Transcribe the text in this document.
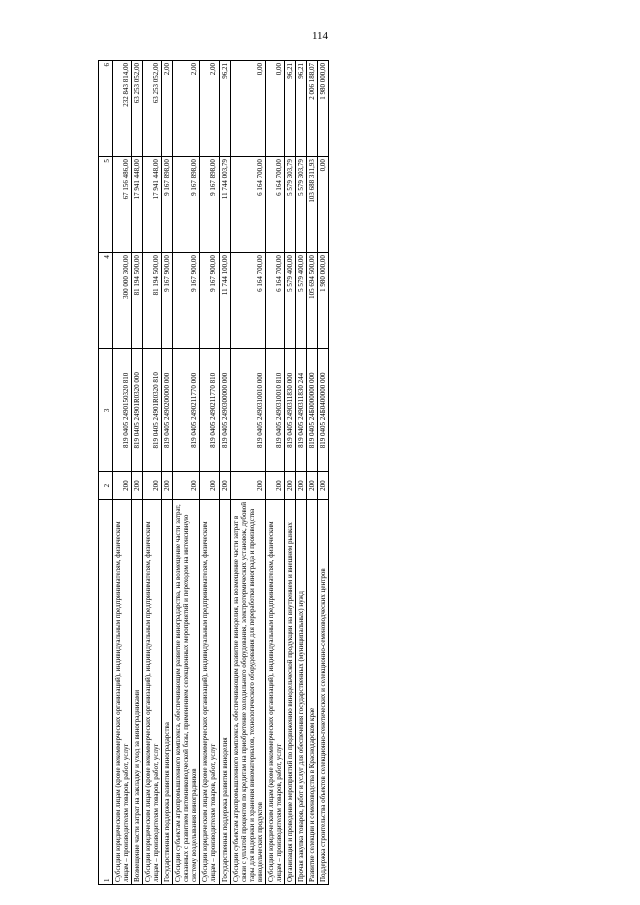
114
1	2	3	4	5	6
Субсидии юридическим лицам (кроме некоммерческих организаций), индивидуальным предпринимателям, физическим лицам – производителям товаров, работ, услуг	200	819 0405 2490150320 810	300 000 300,00	67 156 486,00	232 843 814,00
Возмещение части затрат на закладку и уход за виноградниками	200	819 0405 24901R0320 000	81 194 500,00	17 941 448,00	63 253 052,00
Субсидии юридическим лицам (кроме некоммерческих организаций), индивидуальным предпринимателям, физическим лицам – производителям товаров, работ, услуг	200	819 0405 24901R0320 810	81 194 500,00	17 941 448,00	63 253 052,00
Государственная поддержка развития виноградарства	200	819 0405 2490200000 000	9 167 900,00	9 167 898,00	2,00
Субсидии субъектам агропромышленного комплекса, обеспечивающим развитие виноградарства, на возмещение части затрат, связанных с развитием питомниководческой базы, применением селекционных мероприятий и переходом на интенсивную систему возделывания виноградников	200	819 0405 2490211770 000	9 167 900,00	9 167 898,00	2,00
Субсидии юридическим лицам (кроме некоммерческих организаций), индивидуальным предпринимателям, физическим лицам – производителям товаров, работ, услуг	200	819 0405 2490211770 810	9 167 900,00	9 167 898,00	2,00
Государственная поддержка развития виноделия	200	819 0405 2490300000 000	11 744 100,00	11 744 003,79	96,21
Субсидии субъектам агропромышленного комплекса, обеспечивающим развитие виноделия, на возмещение части затрат в связи с уплатой процентов по кредитам на приобретение холодильного оборудования, электротермических установок, дубовой тары для выдержки и хранения виноматериалов, технологического оборудования для переработки винограда и производства винодельческих продуктов	200	819 0405 2490310010 000	6 164 700,00	6 164 700,00	0,00
Субсидии юридическим лицам (кроме некоммерческих организаций), индивидуальным предпринимателям, физическим лицам – производителям товаров, работ, услуг	200	819 0405 2490310010 810	6 164 700,00	6 164 700,00	0,00
Организация и проведение мероприятий по продвижению винодельческой продукции на внутреннем и внешнем рынках	200	819 0405 2490311830 000	5 579 400,00	5 579 303,79	96,21
Прочая закупка товаров, работ и услуг для обеспечения государственных (муниципальных) нужд	200	819 0405 2490311830 244	5 579 400,00	5 579 303,79	96,21
Развитие селекции и семеноводства в Краснодарском крае	200	819 0405 24Б0000000 000	105 694 500,00	103 688 311,93	2 006 188,07
Поддержка строительства объектов селекционно-генетических и селекционно-семеноводческих центров	200	819 0405 24Б0400000 000	1 980 000,00	0,00	1 980 000,00
